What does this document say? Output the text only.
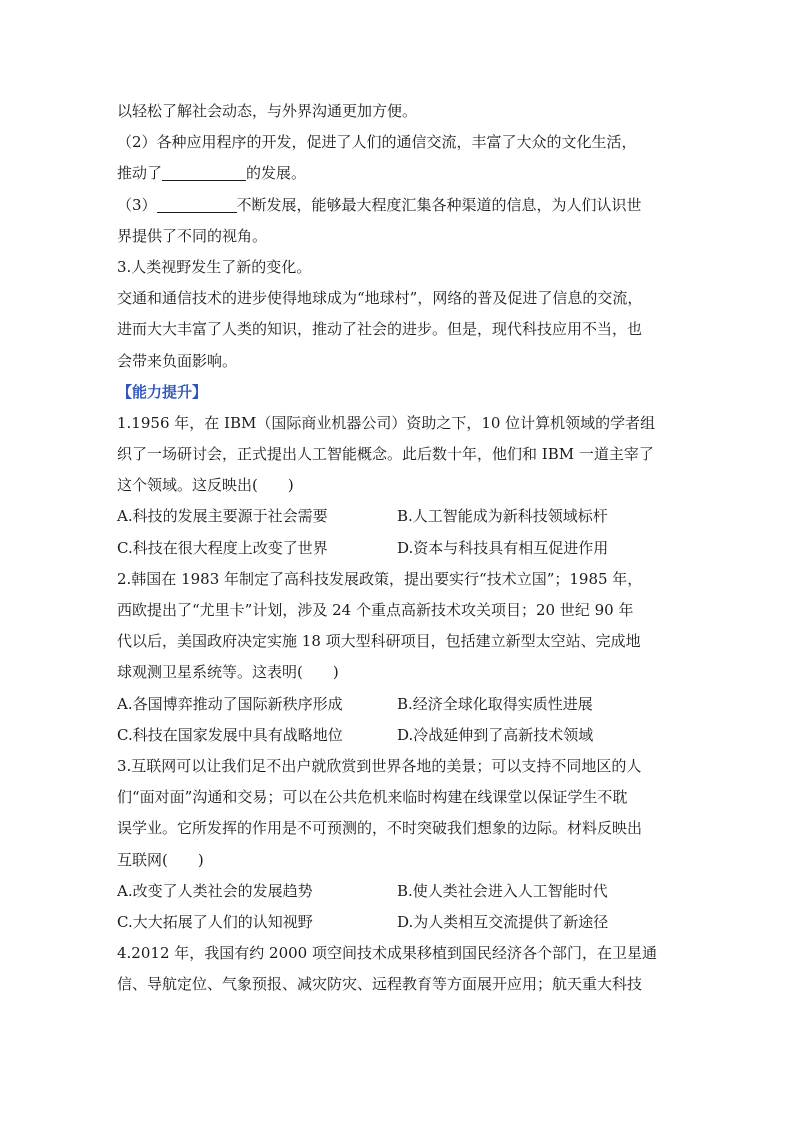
以轻松了解社会动态，与外界沟通更加方便。
（2）各种应用程序的开发，促进了人们的通信交流，丰富了大众的文化生活，
推动了	的发展。
（3）	不断发展，能够最大程度汇集各种渠道的信息，为人们认识世
界提供了不同的视角。
3.人类视野发生了新的变化。
交通和通信技术的进步使得地球成为“地球村”，网络的普及促进了信息的交流，
进而大大丰富了人类的知识，推动了社会的进步。但是，现代科技应用不当，也
会带来负面影响。
【能力提升】
1.1956 年，在 IBM（国际商业机器公司）资助之下，10 位计算机领域的学者组
织了一场研讨会，正式提出人工智能概念。此后数十年，他们和 IBM 一道主宰了
这个领域。这反映出(　　)
A.科技的发展主要源于社会需要	B.人工智能成为新科技领域标杆
C.科技在很大程度上改变了世界	D.资本与科技具有相互促进作用
2.韩国在 1983 年制定了高科技发展政策，提出要实行“技术立国”；1985 年，
西欧提出了“尤里卡”计划，涉及 24 个重点高新技术攻关项目；20 世纪 90 年
代以后，美国政府决定实施 18 项大型科研项目，包括建立新型太空站、完成地
球观测卫星系统等。这表明(　　)
A.各国博弈推动了国际新秩序形成	B.经济全球化取得实质性进展
C.科技在国家发展中具有战略地位	D.冷战延伸到了高新技术领域
3.互联网可以让我们足不出户就欣赏到世界各地的美景；可以支持不同地区的人
们“面对面”沟通和交易；可以在公共危机来临时构建在线课堂以保证学生不耽
误学业。它所发挥的作用是不可预测的，不时突破我们想象的边际。材料反映出
互联网(　　)
A.改变了人类社会的发展趋势	B.使人类社会进入人工智能时代
C.大大拓展了人们的认知视野	D.为人类相互交流提供了新途径
4.2012 年，我国有约 2000 项空间技术成果移植到国民经济各个部门，在卫星通
信、导航定位、气象预报、减灾防灾、远程教育等方面展开应用；航天重大科技
